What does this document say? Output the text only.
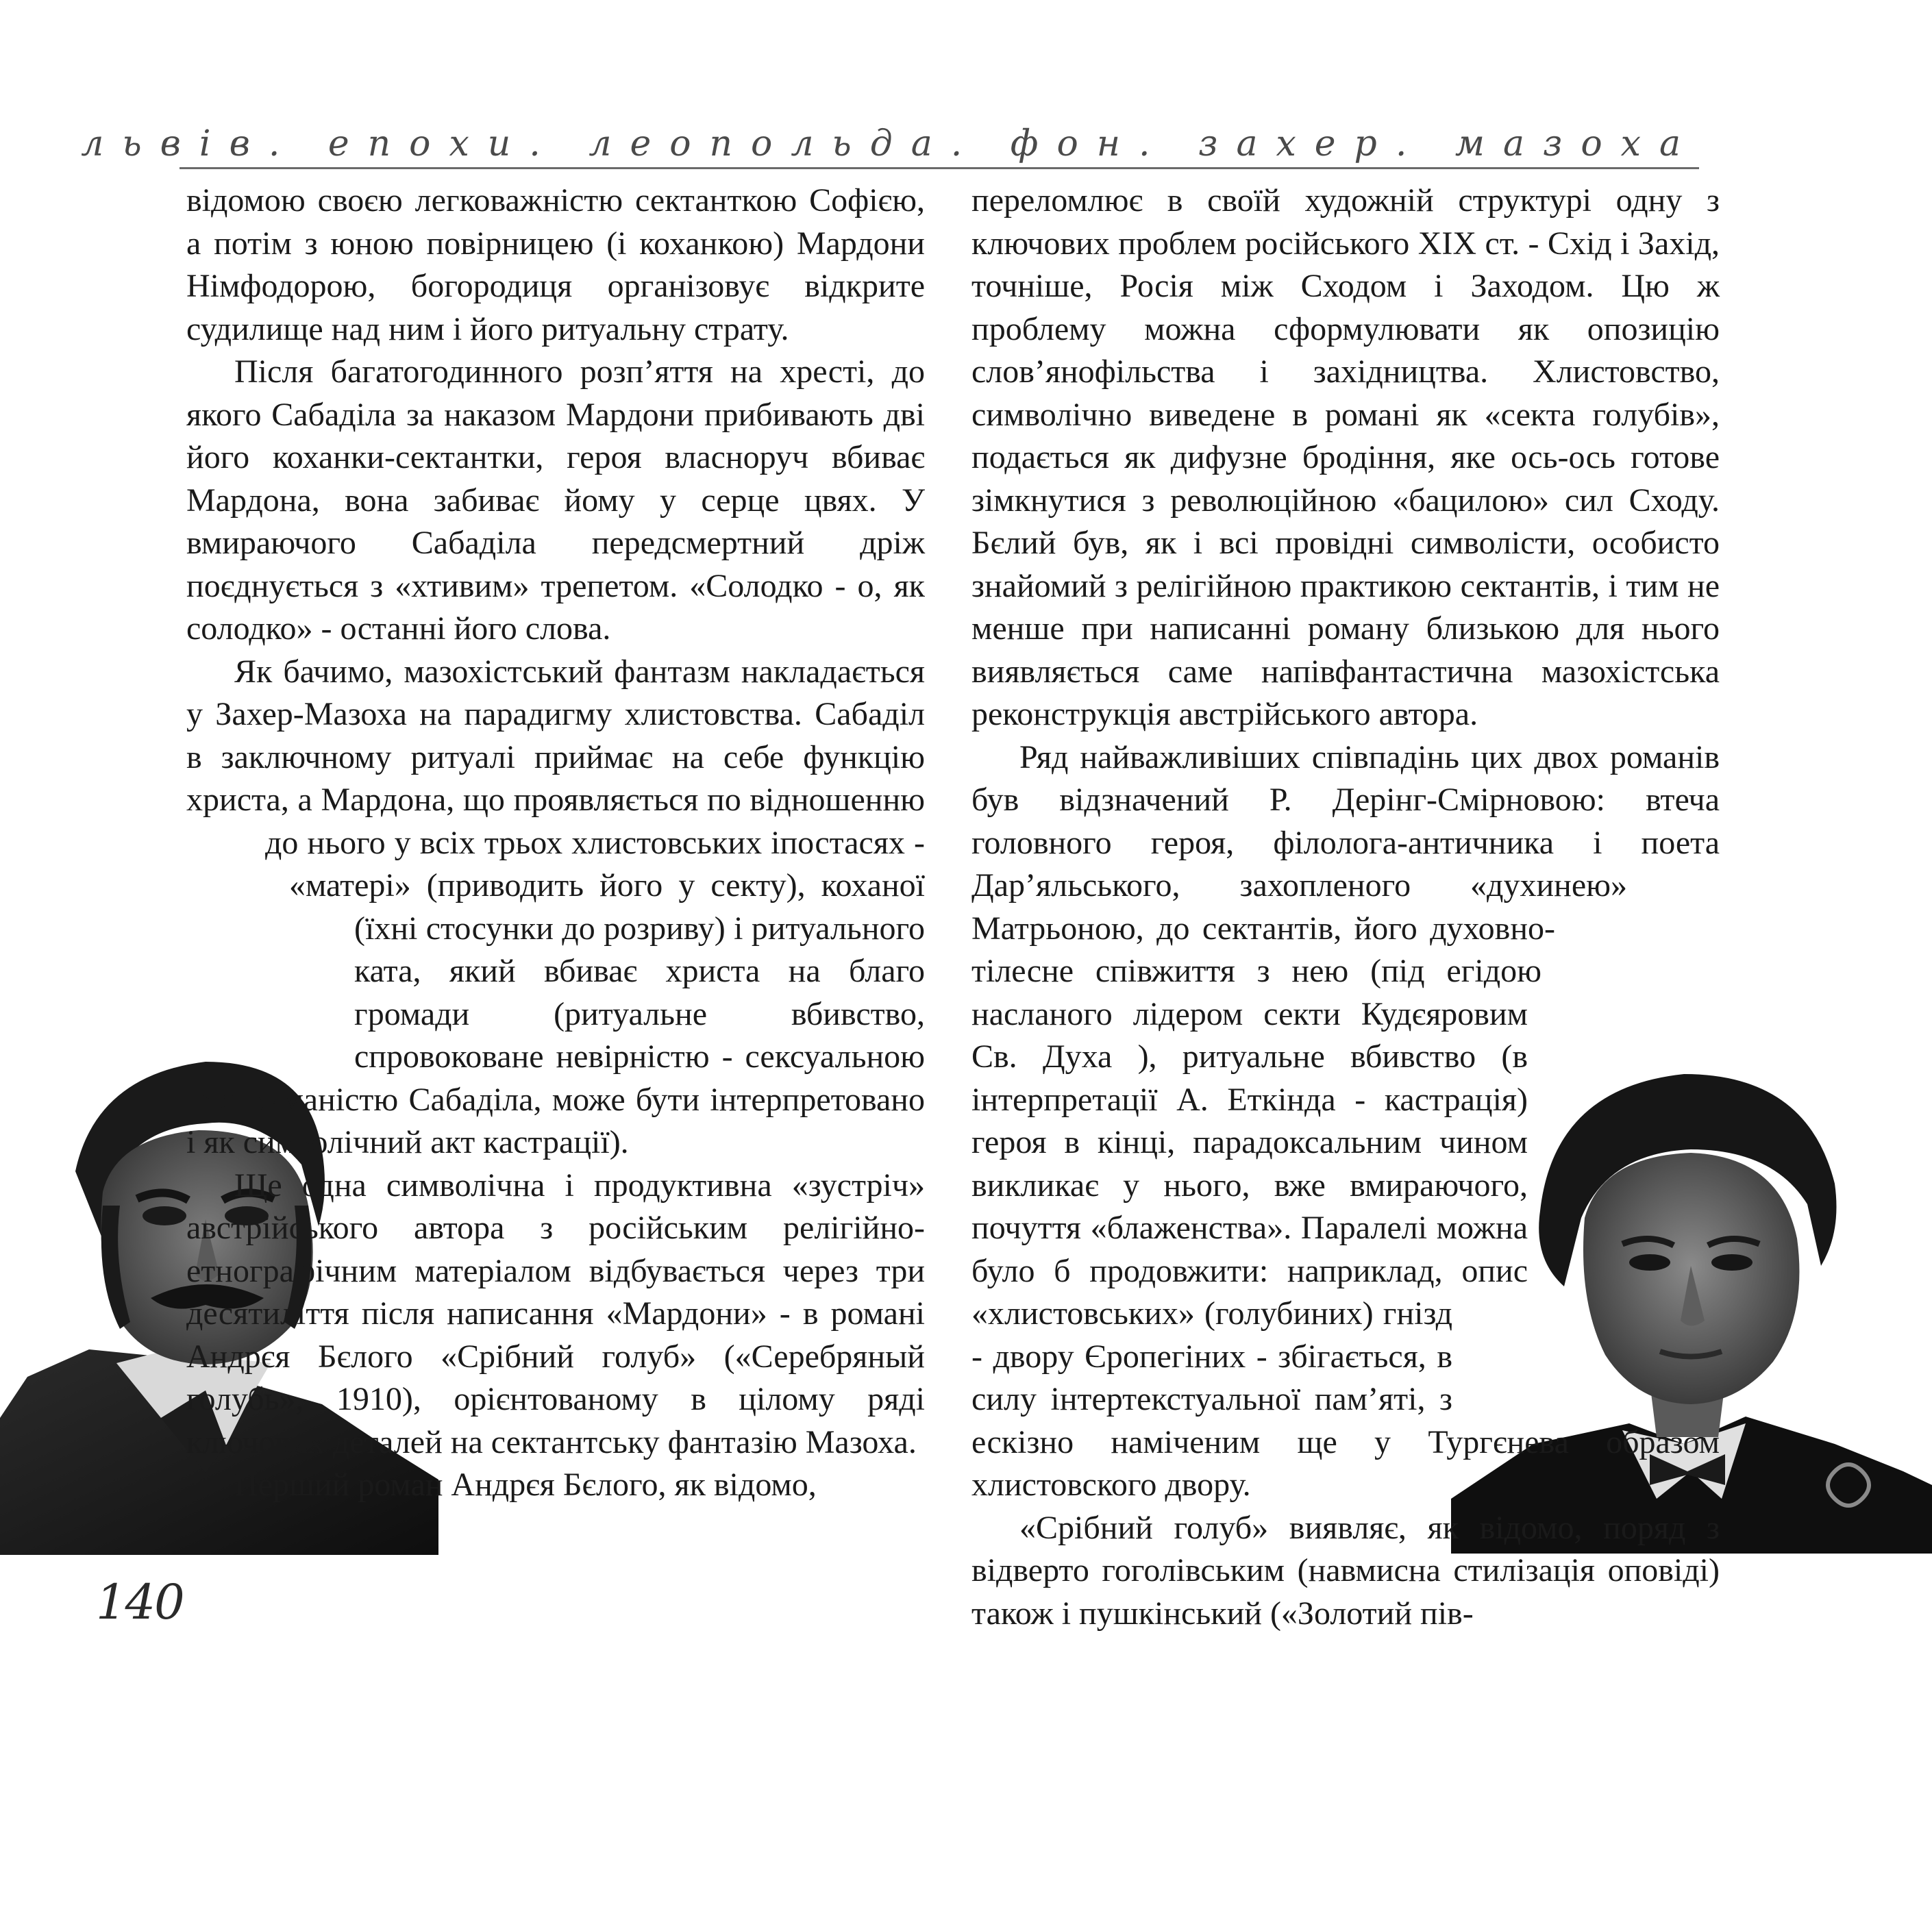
львів. епохи. леопольда. фон. захер. мазоха

відомою своєю легковажністю сектанткою Софією, а потім з юною повірницею (і коханкою) Мардони Німфодорою, богородиця організовує відкрите судилище над ним і його ритуальну страту.

Після багатогодинного розп’яття на хресті, до якого Сабаділа за наказом Мардони прибивають дві його коханки-сектантки, героя власноруч вбиває Мардона, вона забиває йому у серце цвях. У вмираючого Сабаділа передсмертний дріж поєднується з «хтивим» трепетом. «Солодко - о, як солодко» - останні його слова.

Як бачимо, мазохістський фантазм накладається у Захер-Мазоха на парадигму хлистовства. Сабаділ в заключному ритуалі приймає на себе функцію христа, а Мардона, що проявляється по відношенню до нього у всіх трьох хлистовських іпостасях - «матері» (приводить його у секту), коханої (їхні стосунки до розриву) і ритуального ката, який вбиває христа на благо громади (ритуальне вбивство, спровоковане невірністю - сексуальною нестриманістю Сабаділа, може бути інтерпретовано і як символічний акт кастрації).

Ще одна символічна і продуктивна «зустріч» австрійського автора з російським релігійно-етнографічним матеріалом відбувається через три десятиліття після написання «Мардони» - в романі Андрєя Бєлого «Срібний голуб» («Серебряный голубь», 1910), орієнтованому в цілому ряді ключових деталей на сектантську фантазію Мазоха.

Перший роман Андрєя Бєлого, як відомо,

переломлює в своїй художній структурі одну з ключових проблем російського XIX ст. - Схід і Захід, точніше, Росія між Сходом і Заходом. Цю ж проблему можна сформулювати як опозицію слов’янофільства і західництва. Хлистовство, символічно виведене в романі як «секта голубів», подається як дифузне бродіння, яке ось-ось готове зімкнутися з революційною «бацилою» сил Сходу. Бєлий був, як і всі провідні символісти, особисто знайомий з релігійною практикою сектантів, і тим не менше при написанні роману близькою для нього виявляється саме напівфантастична мазохістська реконструкція австрійського автора.

Ряд найважливіших співпадінь цих двох романів був відзначений Р. Дерінг-Смірновою: втеча головного героя, філолога-античника і поета Дар’яльського, захопленого «духинею» Матрьоною, до сектантів, його духовно-тілесне співжиття з нею (під егідою насланого лідером секти Кудєяровим Св. Духа ), ритуальне вбивство (в інтерпретації А. Еткінда - кастрація) героя в кінці, парадоксальним чином викликає у нього, вже вмираючого, почуття «блаженства». Паралелі можна було б продовжити: наприклад, опис «хлистовських» (голубиних) гнізд - двору Єропегіних - збігається, в силу інтертекстуальної пам’яті, з ескізно наміченим ще у Тургєнева образом хлистовского двору.

«Срібний голуб» виявляє, як відомо, поряд з відверто гоголівським (навмисна стилізація оповіді) також і пушкінський («Золотий пів-

140
